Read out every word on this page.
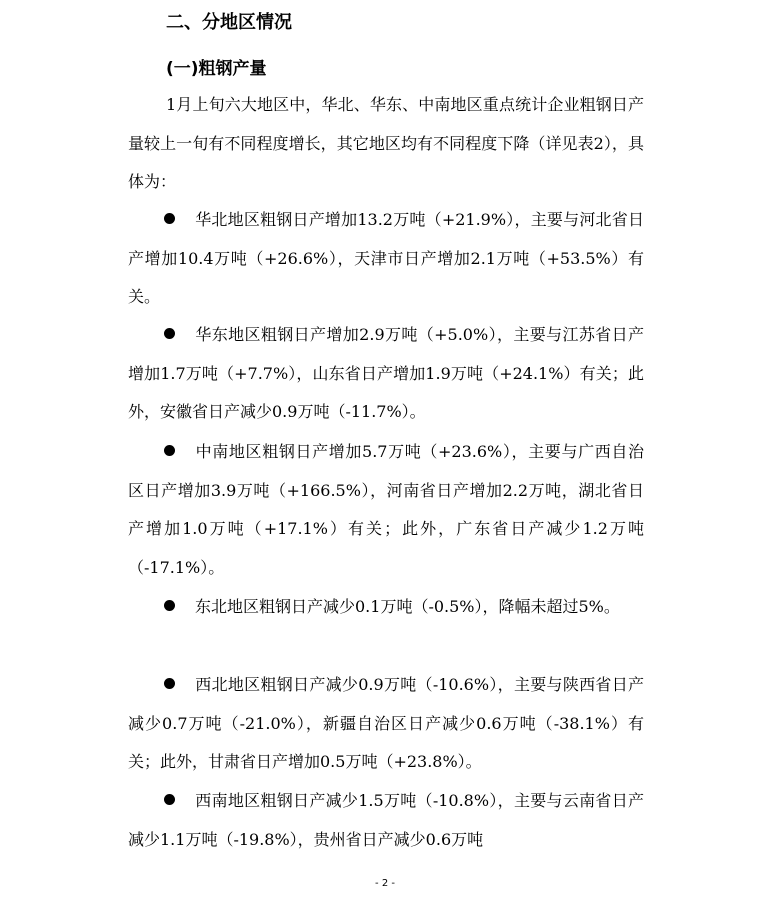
二、分地区情况
(一)粗钢产量

1月上旬六大地区中，华北、华东、中南地区重点统计企业粗钢日产量较上一旬有不同程度增长，其它地区均有不同程度下降（详见表2），具体为：

华北地区粗钢日产增加13.2万吨（+21.9%），主要与河北省日产增加10.4万吨（+26.6%），天津市日产增加2.1万吨（+53.5%）有关。

华东地区粗钢日产增加2.9万吨（+5.0%），主要与江苏省日产增加1.7万吨（+7.7%），山东省日产增加1.9万吨（+24.1%）有关；此外，安徽省日产减少0.9万吨（-11.7%）。

中南地区粗钢日产增加5.7万吨（+23.6%），主要与广西自治区日产增加3.9万吨（+166.5%），河南省日产增加2.2万吨，湖北省日产增加1.0万吨（+17.1%）有关；此外，广东省日产减少1.2万吨（-17.1%）。

东北地区粗钢日产减少0.1万吨（-0.5%），降幅未超过5%。

西北地区粗钢日产减少0.9万吨（-10.6%），主要与陕西省日产减少0.7万吨（-21.0%），新疆自治区日产减少0.6万吨（-38.1%）有关；此外，甘肃省日产增加0.5万吨（+23.8%）。

西南地区粗钢日产减少1.5万吨（-10.8%），主要与云南省日产减少1.1万吨（-19.8%），贵州省日产减少0.6万吨

- 2 -
